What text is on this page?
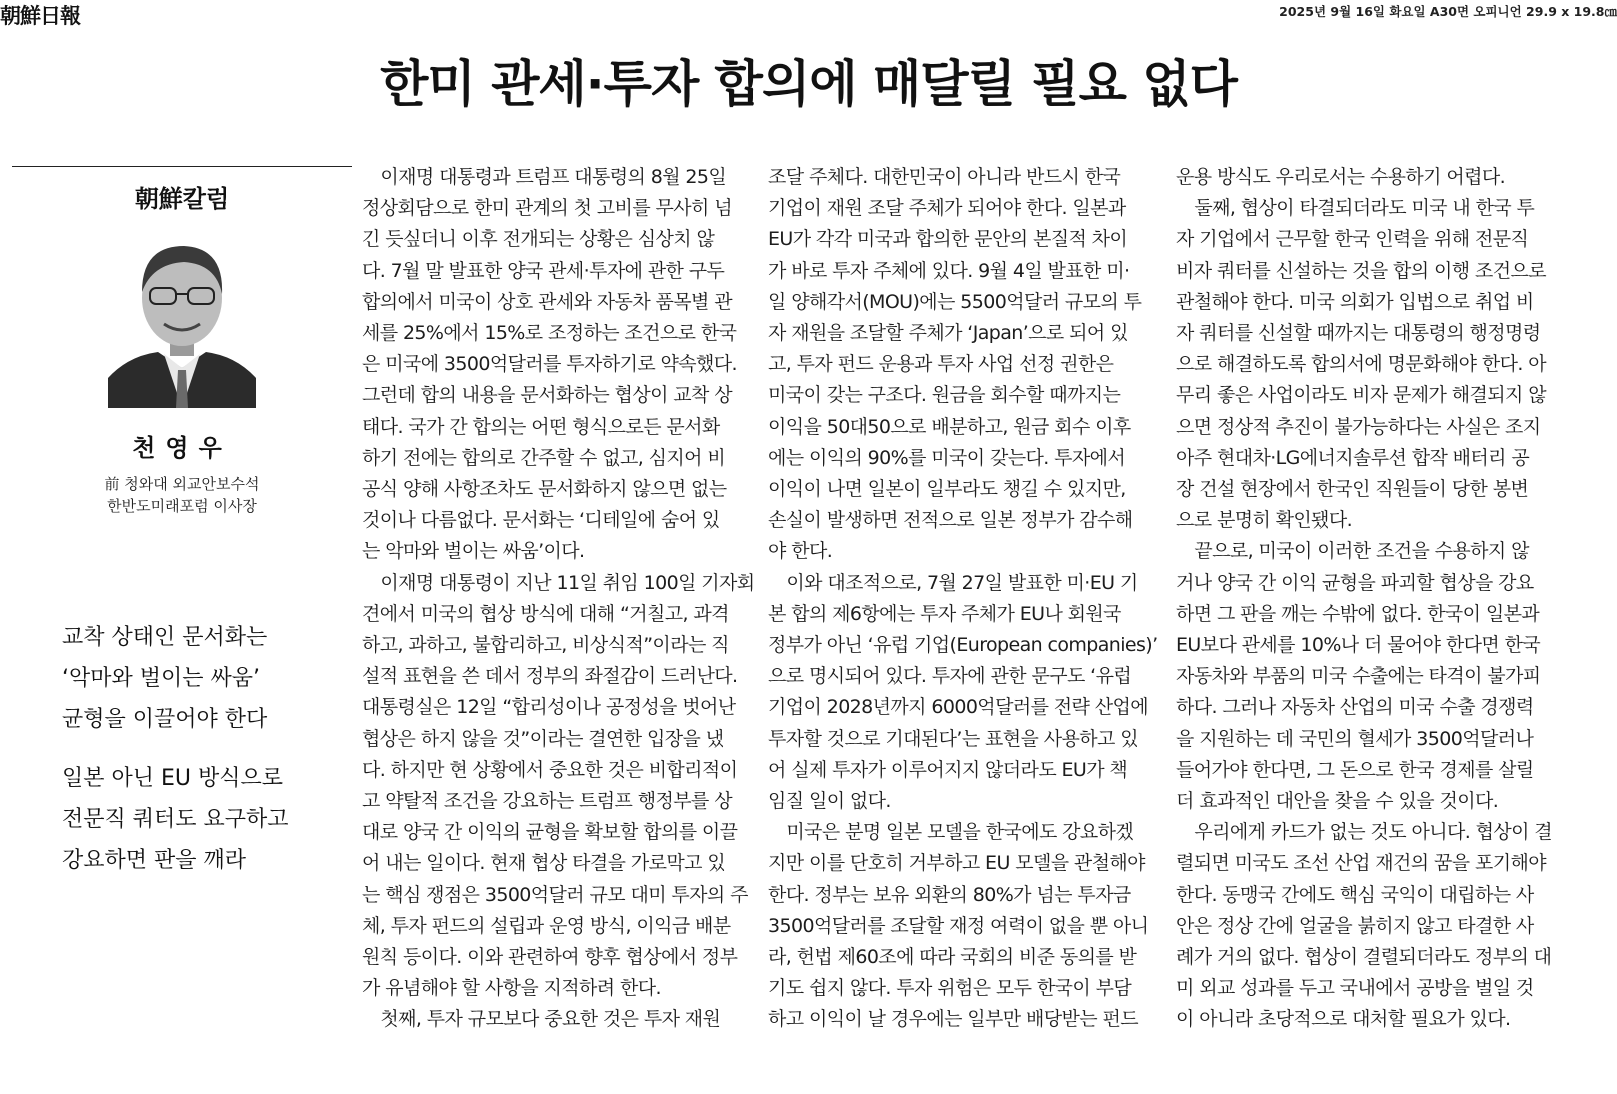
朝鮮日報	2025년 9월 16일 화요일 A30면 오피니언 29.9 x 19.8㎝
한미 관세·투자 합의에 매달릴 필요 없다
朝鮮칼럼
천영우
前 청와대 외교안보수석
한반도미래포럼 이사장
교착 상태인 문서화는
‘악마와 벌이는 싸움’
균형을 이끌어야 한다
일본 아닌 EU 방식으로
전문직 쿼터도 요구하고
강요하면 판을 깨라

　이재명 대통령과 트럼프 대통령의 8월 25일

정상회담으로 한미 관계의 첫 고비를 무사히 넘

긴 듯싶더니 이후 전개되는 상황은 심상치 않

다. 7월 말 발표한 양국 관세·투자에 관한 구두

합의에서 미국이 상호 관세와 자동차 품목별 관

세를 25%에서 15%로 조정하는 조건으로 한국

은 미국에 3500억달러를 투자하기로 약속했다.

그런데 합의 내용을 문서화하는 협상이 교착 상

태다. 국가 간 합의는 어떤 형식으로든 문서화

하기 전에는 합의로 간주할 수 없고, 심지어 비

공식 양해 사항조차도 문서화하지 않으면 없는

것이나 다름없다. 문서화는 ‘디테일에 숨어 있

는 악마와 벌이는 싸움’이다.

　이재명 대통령이 지난 11일 취임 100일 기자회

견에서 미국의 협상 방식에 대해 “거칠고, 과격

하고, 과하고, 불합리하고, 비상식적”이라는 직

설적 표현을 쓴 데서 정부의 좌절감이 드러난다.

대통령실은 12일 “합리성이나 공정성을 벗어난

협상은 하지 않을 것”이라는 결연한 입장을 냈

다. 하지만 현 상황에서 중요한 것은 비합리적이

고 약탈적 조건을 강요하는 트럼프 행정부를 상

대로 양국 간 이익의 균형을 확보할 합의를 이끌

어 내는 일이다. 현재 협상 타결을 가로막고 있

는 핵심 쟁점은 3500억달러 규모 대미 투자의 주

체, 투자 펀드의 설립과 운영 방식, 이익금 배분

원칙 등이다. 이와 관련하여 향후 협상에서 정부

가 유념해야 할 사항을 지적하려 한다.

　첫째, 투자 규모보다 중요한 것은 투자 재원

조달 주체다. 대한민국이 아니라 반드시 한국

기업이 재원 조달 주체가 되어야 한다. 일본과

EU가 각각 미국과 합의한 문안의 본질적 차이

가 바로 투자 주체에 있다. 9월 4일 발표한 미·

일 양해각서(MOU)에는 5500억달러 규모의 투

자 재원을 조달할 주체가 ‘Japan’으로 되어 있

고, 투자 펀드 운용과 투자 사업 선정 권한은

미국이 갖는 구조다. 원금을 회수할 때까지는

이익을 50대50으로 배분하고, 원금 회수 이후

에는 이익의 90%를 미국이 갖는다. 투자에서

이익이 나면 일본이 일부라도 챙길 수 있지만,

손실이 발생하면 전적으로 일본 정부가 감수해

야 한다.

　이와 대조적으로, 7월 27일 발표한 미·EU 기

본 합의 제6항에는 투자 주체가 EU나 회원국

정부가 아닌 ‘유럽 기업(European companies)’

으로 명시되어 있다. 투자에 관한 문구도 ‘유럽

기업이 2028년까지 6000억달러를 전략 산업에

투자할 것으로 기대된다’는 표현을 사용하고 있

어 실제 투자가 이루어지지 않더라도 EU가 책

임질 일이 없다.

　미국은 분명 일본 모델을 한국에도 강요하겠

지만 이를 단호히 거부하고 EU 모델을 관철해야

한다. 정부는 보유 외환의 80%가 넘는 투자금

3500억달러를 조달할 재정 여력이 없을 뿐 아니

라, 헌법 제60조에 따라 국회의 비준 동의를 받

기도 쉽지 않다. 투자 위험은 모두 한국이 부담

하고 이익이 날 경우에는 일부만 배당받는 펀드

운용 방식도 우리로서는 수용하기 어렵다.

　둘째, 협상이 타결되더라도 미국 내 한국 투

자 기업에서 근무할 한국 인력을 위해 전문직

비자 쿼터를 신설하는 것을 합의 이행 조건으로

관철해야 한다. 미국 의회가 입법으로 취업 비

자 쿼터를 신설할 때까지는 대통령의 행정명령

으로 해결하도록 합의서에 명문화해야 한다. 아

무리 좋은 사업이라도 비자 문제가 해결되지 않

으면 정상적 추진이 불가능하다는 사실은 조지

아주 현대차·LG에너지솔루션 합작 배터리 공

장 건설 현장에서 한국인 직원들이 당한 봉변

으로 분명히 확인됐다.

　끝으로, 미국이 이러한 조건을 수용하지 않

거나 양국 간 이익 균형을 파괴할 협상을 강요

하면 그 판을 깨는 수밖에 없다. 한국이 일본과

EU보다 관세를 10%나 더 물어야 한다면 한국

자동차와 부품의 미국 수출에는 타격이 불가피

하다. 그러나 자동차 산업의 미국 수출 경쟁력

을 지원하는 데 국민의 혈세가 3500억달러나

들어가야 한다면, 그 돈으로 한국 경제를 살릴

더 효과적인 대안을 찾을 수 있을 것이다.

　우리에게 카드가 없는 것도 아니다. 협상이 결

렬되면 미국도 조선 산업 재건의 꿈을 포기해야

한다. 동맹국 간에도 핵심 국익이 대립하는 사

안은 정상 간에 얼굴을 붉히지 않고 타결한 사

례가 거의 없다. 협상이 결렬되더라도 정부의 대

미 외교 성과를 두고 국내에서 공방을 벌일 것

이 아니라 초당적으로 대처할 필요가 있다.
